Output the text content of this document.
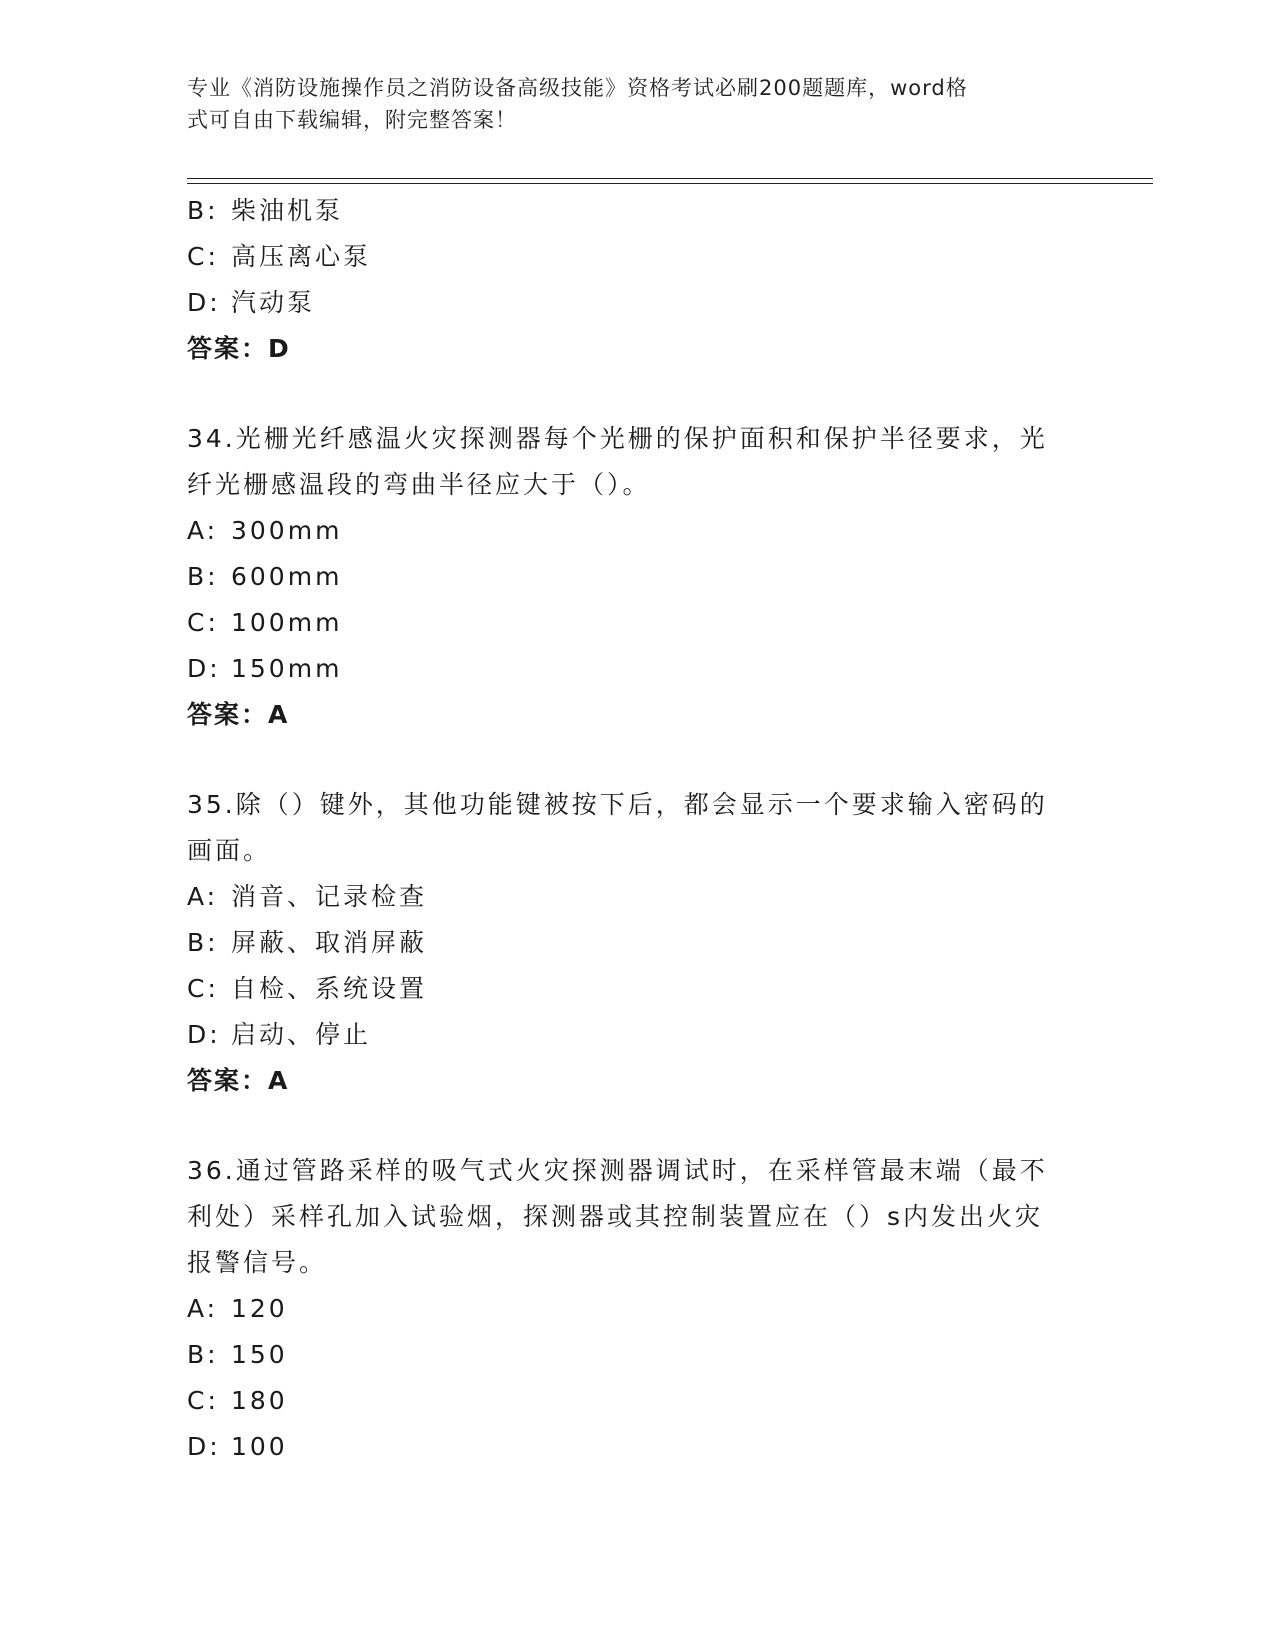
专业《消防设施操作员之消防设备高级技能》资格考试必刷200题题库，word格
式可自由下载编辑，附完整答案！
B: 柴油机泵
C: 高压离心泵
D: 汽动泵
答案：D
34.光栅光纤感温火灾探测器每个光栅的保护面积和保护半径要求，光
纤光栅感温段的弯曲半径应大于（）。
A: 300mm
B: 600mm
C: 100mm
D: 150mm
答案：A
35.除（）键外，其他功能键被按下后，都会显示一个要求输入密码的
画面。
A: 消音、记录检查
B: 屏蔽、取消屏蔽
C: 自检、系统设置
D: 启动、停止
答案：A
36.通过管路采样的吸气式火灾探测器调试时，在采样管最末端（最不
利处）采样孔加入试验烟，探测器或其控制装置应在（）s内发出火灾
报警信号。
A: 120
B: 150
C: 180
D: 100
